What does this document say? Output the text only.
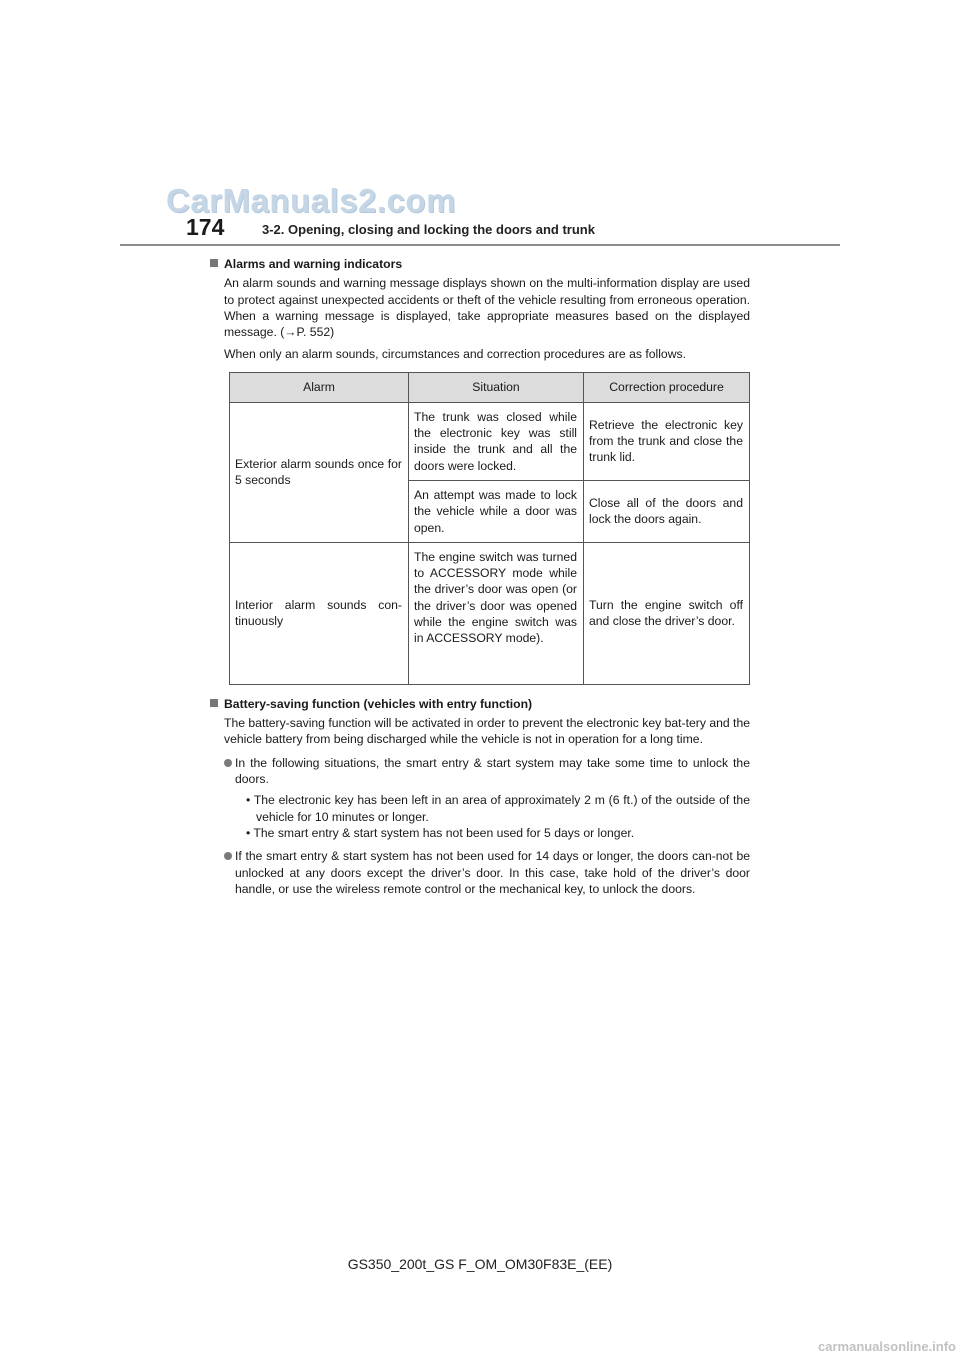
CarManuals2.com
174	3-2. Opening, closing and locking the doors and trunk

Alarms and warning indicators

An alarm sounds and warning message displays shown on the multi-information display are used to protect against unexpected accidents or theft of the vehicle resulting from erroneous operation. When a warning message is displayed, take appropriate measures based on the displayed message. (→P. 552)

When only an alarm sounds, circumstances and correction procedures are as follows.

Alarm	Situation	Correction procedure
Exterior alarm sounds once for 5 seconds	The trunk was closed while the electronic key was still inside the trunk and all the doors were locked.	Retrieve the electronic key from the trunk and close the trunk lid.
	An attempt was made to lock the vehicle while a door was open.	Close all of the doors and lock the doors again.
Interior alarm sounds con-tinuously	The engine switch was turned to ACCESSORY mode while the driver’s door was open (or the driver’s door was opened while the engine switch was in ACCESSORY mode).	Turn the engine switch off and close the driver’s door.

Battery-saving function (vehicles with entry function)

The battery-saving function will be activated in order to prevent the electronic key bat-tery and the vehicle battery from being discharged while the vehicle is not in operation for a long time.

In the following situations, the smart entry & start system may take some time to unlock the doors.

• The electronic key has been left in an area of approximately 2 m (6 ft.) of the outside of the vehicle for 10 minutes or longer.

• The smart entry & start system has not been used for 5 days or longer.

If the smart entry & start system has not been used for 14 days or longer, the doors can-not be unlocked at any doors except the driver’s door. In this case, take hold of the driver’s door handle, or use the wireless remote control or the mechanical key, to unlock the doors.

GS350_200t_GS F_OM_OM30F83E_(EE)
carmanualsonline.info
